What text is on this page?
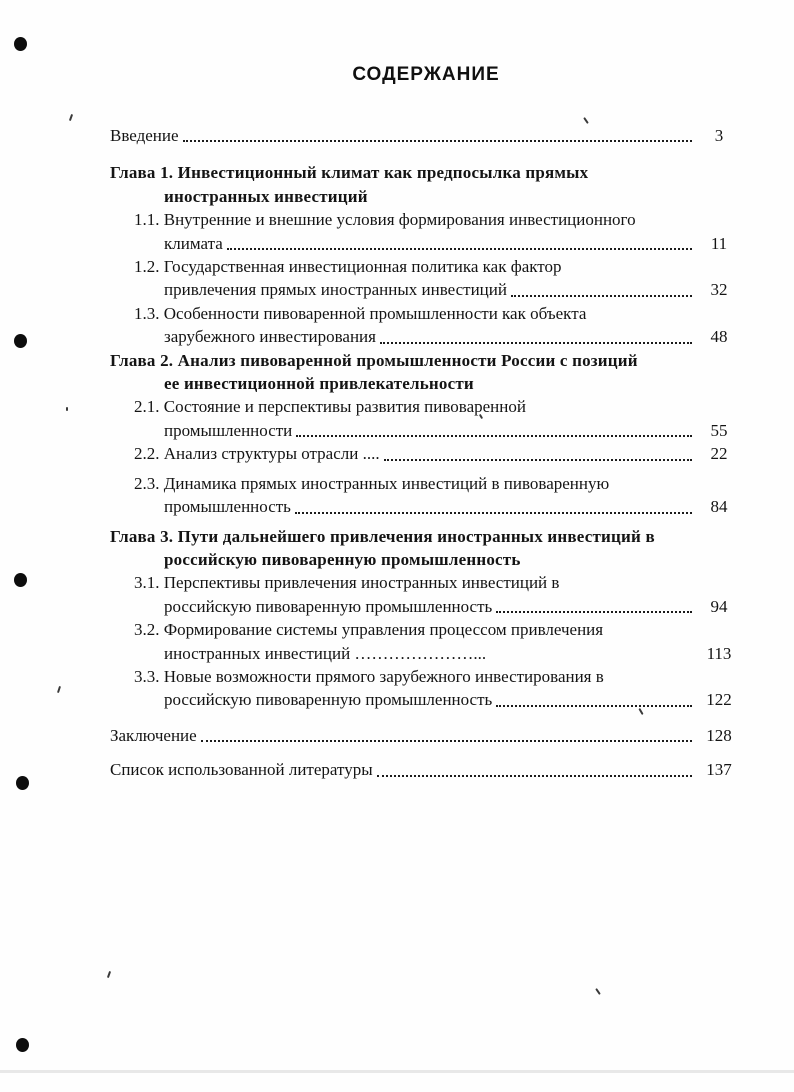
СОДЕРЖАНИЕ
Введение	3
Глава 1. Инвестиционный климат как предпосылка прямых
иностранных инвестиций
1.1. Внутренние и внешние условия формирования инвестиционного
климата	11
1.2. Государственная инвестиционная политика как фактор
привлечения прямых иностранных инвестиций	32
1.3. Особенности пивоваренной промышленности как объекта
зарубежного инвестирования	48
Глава 2. Анализ пивоваренной промышленности России с позиций
ее инвестиционной привлекательности
2.1. Состояние и перспективы развития пивоваренной
промышленности	55
2.2. Анализ структуры отрасли ....	22
2.3. Динамика прямых иностранных инвестиций в пивоваренную
промышленность	84
Глава 3. Пути дальнейшего привлечения иностранных инвестиций в
российскую пивоваренную промышленность
3.1. Перспективы привлечения иностранных инвестиций в
российскую пивоваренную промышленность	94
3.2. Формирование системы управления процессом привлечения
иностранных инвестиций …………………...	113
3.3. Новые возможности прямого зарубежного инвестирования в
российскую пивоваренную промышленность	122
Заключение	128
Список использованной литературы	137
